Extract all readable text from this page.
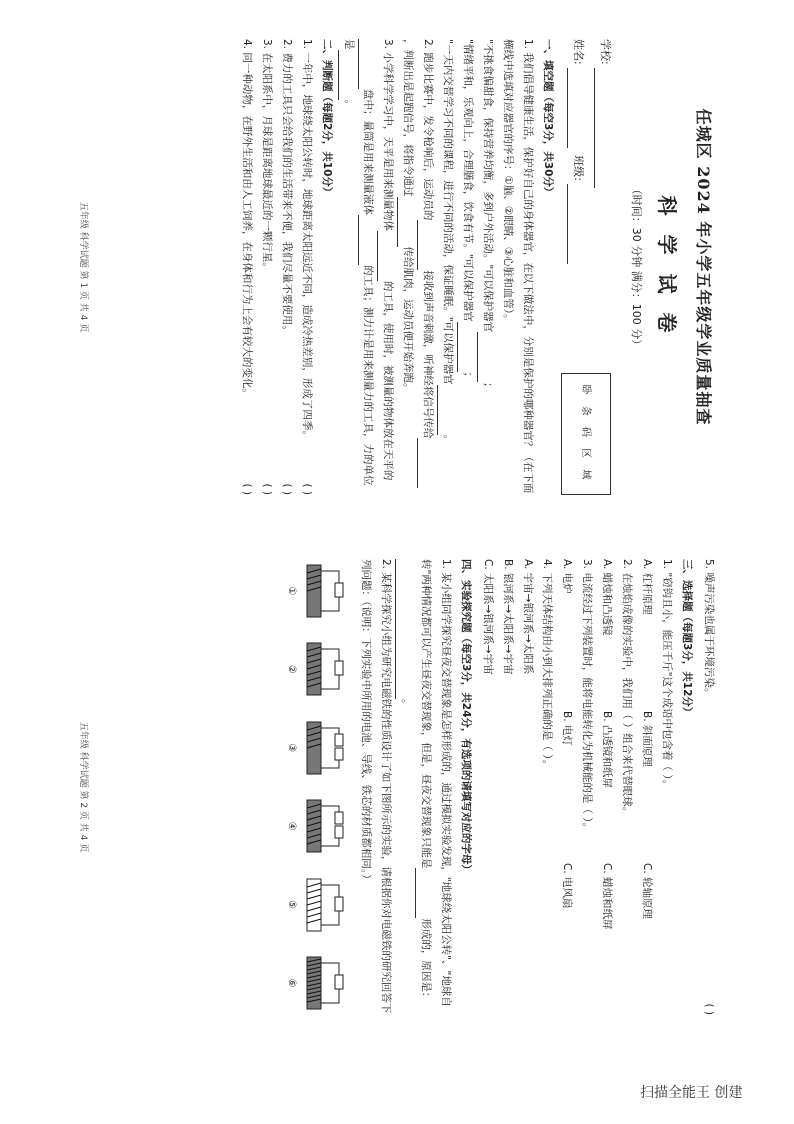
任城区 2024 年小学五年级学业质量抽查
科 学 试 卷
（时间：30 分钟 满分：100 分）
学校:
姓名:   班级:
卧 条 码 区 域
一、填空题（每空3分，共30分）

1. 我们倡导健康生活，保护好自己的身体器官，在以下做法中，分别是保护的哪种器官？（在下面横线中选填对应器官的序号：①脑、②眼睛、③心脏和血管）。

"不挑食偏甜食，保持营养均衡，多到户外活动。"可以保护器官；

"情绪平和，乐观向上，合理膳食，饮食有节。"可以保护器官；

"一天内交替学习不同的课程，进行不同的活动，保证睡眠。"可以保护器官。

2. 跑步比赛中，发令枪响后，运动员的接收到声音刺激，听神经将信号传给，判断出是起跑信号，将指令通过传给肌肉，运动员便开始奔跑。

3. 小学科学学习中，天平是用来测量物体的工具，使用时，被测量的物体放在天平的盘中；量筒是用来测量液体的工具；测力计是用来测量力的工具，力的单位是。

二、判断题（每题2分，共10分）

1. 一年中，地球绕太阳公转时，地球距离太阳远近不同，造成冷热差别，形成了四季。
( )

2. 费力的工具只会给我们的生活带来不便，我们尽量不要使用。
( )

3. 在太阳系中，月球是距离地球最近的一颗行星。
( )

4. 同一种动物，在野外生活和由人工饲养，在身体和行为上会有较大的变化。
( )

五年级 科学试题 第 1 页 共 4 页

5. 噪声污染也属于环境污染。
( )

三、选择题（每题3分，共12分）

1. "窃钩且小，能压千斤"这个成语中包含着（ ）。

A. 杠杆原理
B. 斜面原理
C. 轮轴原理

2. 在烛焰成像的实验中，我们用（ ）组合来代替眼球。

A. 蜡烛和凸透镜
B. 凸透镜和纸屏
C. 蜡烛和纸屏

3. 电流经过下列装置时，能将电能转化为机械能的是（ ）。

A. 电炉
B. 电灯
C. 电风扇

4. 下列天体结构由小到大排列正确的是（ ）。

A. 宇宙→银河系→太阳系
B. 银河系→太阳系→宇宙
C. 太阳系→银河系→宇宙
四、实验探究题（每空3分，共24分，有选项的请填写对应的字母）

1. 某小组同学探究昼夜交替现象是怎样形成的，通过模拟实验发现，"地球绕太阳公转"、"地球自转"两种情况都可以产生昼夜交替现象，但是，昼夜交替现象只能是形成的，原因是：。

2. 某科学探究小组为研究电磁铁的性质设计了如下图所示的实验，请根据你对电磁铁的研究回答下列问题：（说明：下列实验中所用的电池、导线、铁芯的材质都相同。）

①
②
③
④
⑤
⑥
五年级 科学试题 第 2 页 共 4 页
扫描全能王 创建
